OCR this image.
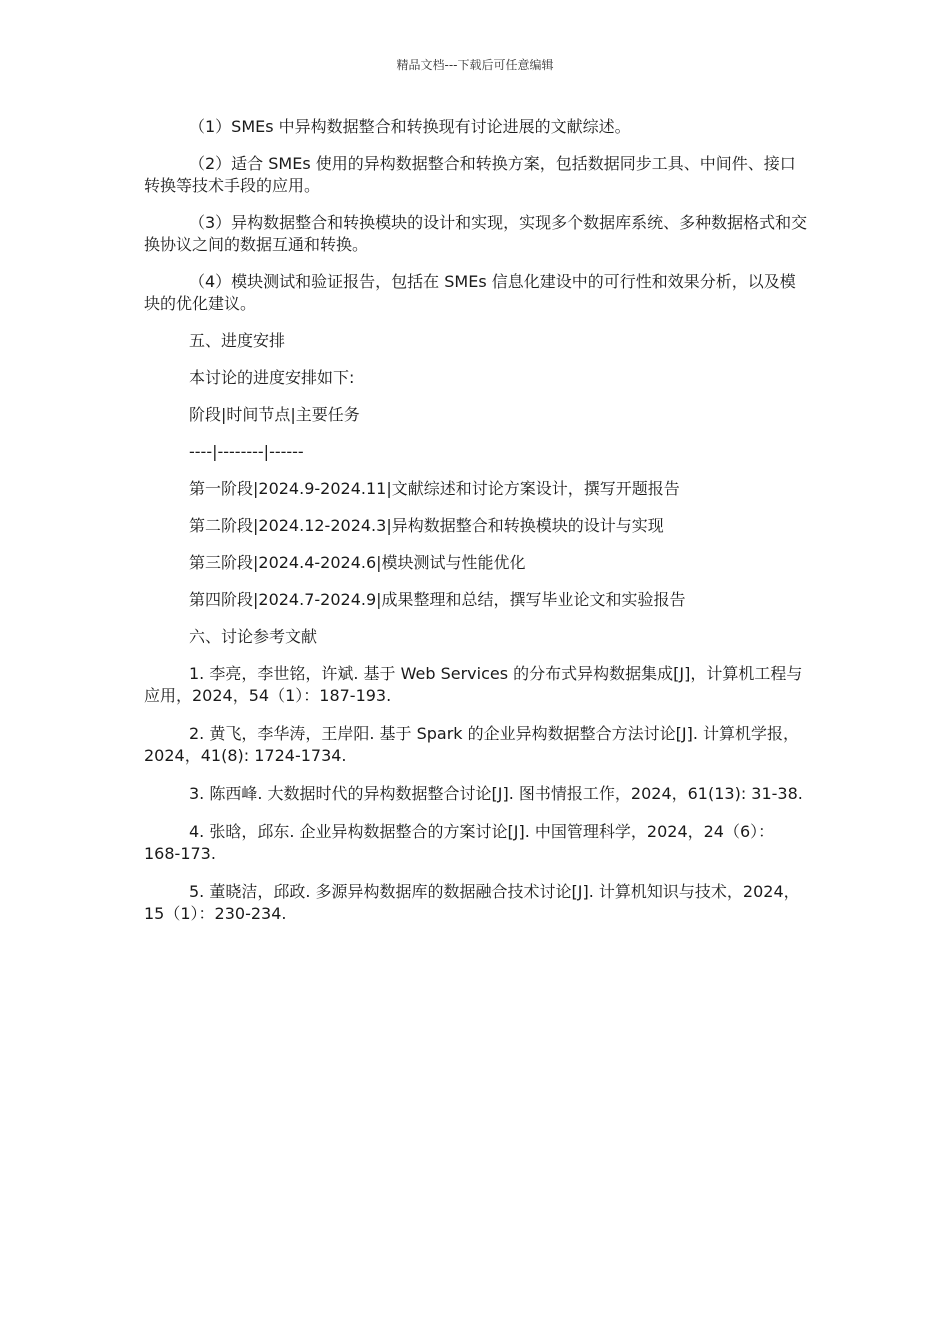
精品文档---下载后可任意编辑

（1）SMEs 中异构数据整合和转换现有讨论进展的文献综述。

（2）适合 SMEs 使用的异构数据整合和转换方案，包括数据同步工具、中间件、接口转换等技术手段的应用。

（3）异构数据整合和转换模块的设计和实现，实现多个数据库系统、多种数据格式和交换协议之间的数据互通和转换。

（4）模块测试和验证报告，包括在 SMEs 信息化建设中的可行性和效果分析，以及模块的优化建议。

五、进度安排

本讨论的进度安排如下:

阶段|时间节点|主要任务

----|--------|------

第一阶段|2024.9-2024.11|文献综述和讨论方案设计，撰写开题报告

第二阶段|2024.12-2024.3|异构数据整合和转换模块的设计与实现

第三阶段|2024.4-2024.6|模块测试与性能优化

第四阶段|2024.7-2024.9|成果整理和总结，撰写毕业论文和实验报告

六、讨论参考文献

1. 李亮，李世铭，许斌. 基于 Web Services 的分布式异构数据集成[J]，计算机工程与应用，2024，54（1）：187-193.

2. 黄飞，李华涛，王岸阳. 基于 Spark 的企业异构数据整合方法讨论[J]. 计算机学报，2024，41(8): 1724-1734.

3. 陈西峰. 大数据时代的异构数据整合讨论[J]. 图书情报工作，2024，61(13): 31-38.

4. 张晗，邱东. 企业异构数据整合的方案讨论[J]. 中国管理科学，2024，24（6）：168-173.

5. 董晓洁，邱政. 多源异构数据库的数据融合技术讨论[J]. 计算机知识与技术，2024，15（1）：230-234.
